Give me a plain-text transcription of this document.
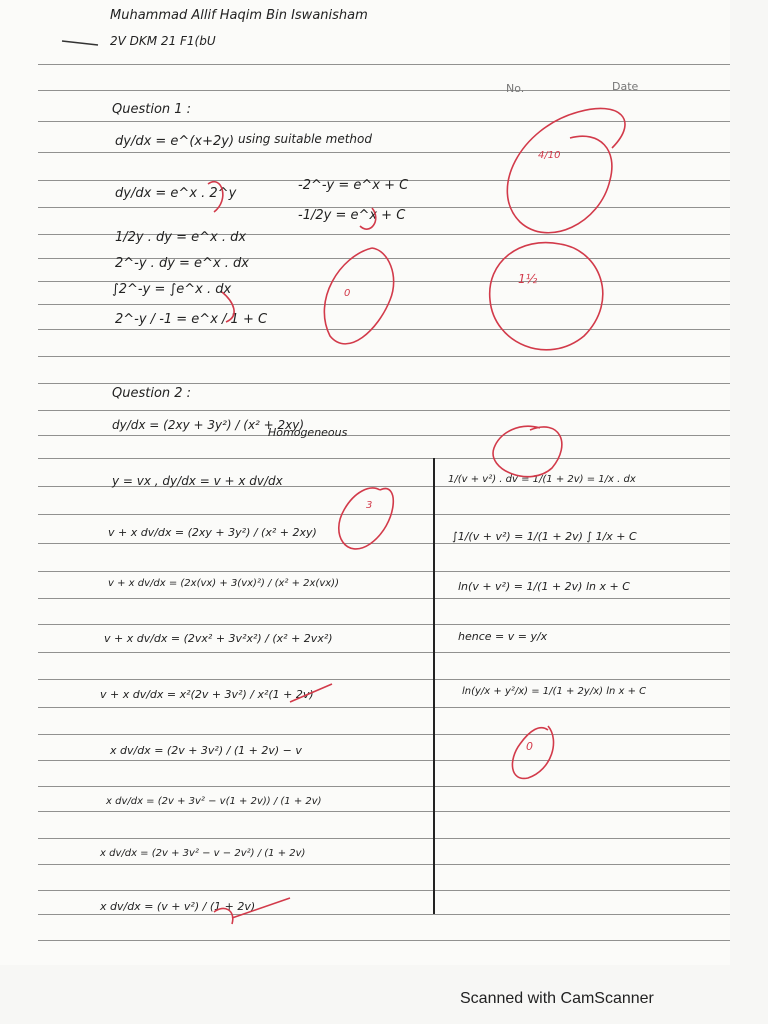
Muhammad Allif Haqim Bin Iswanisham
2V DKM 21 F1(bU
No.	Date
Question 1 :
dy/dx = e^(x+2y) using suitable method
dy/dx = e^x . 2^y
1/2y . dy = e^x . dx
2^-y . dy = e^x . dx
∫2^-y = ∫e^x . dx
2^-y / -1 = e^x / 1 + C
-2^-y = e^x + C
-1/2y = e^x + C
Question 2 :
dy/dx = (2xy + 3y²) / (x² + 2xy)
Homogeneous
y = vx , dy/dx = v + x dv/dx
v + x dv/dx = (2xy + 3y²) / (x² + 2xy)
v + x dv/dx = (2x(vx) + 3(vx)²) / (x² + 2x(vx))
v + x dv/dx = (2vx² + 3v²x²) / (x² + 2vx²)
v + x dv/dx = x²(2v + 3v²) / x²(1 + 2v)
x dv/dx = (2v + 3v²) / (1 + 2v) − v
x dv/dx = (2v + 3v² − v(1 + 2v)) / (1 + 2v)
x dv/dx = (2v + 3v² − v − 2v²) / (1 + 2v)
x dv/dx = (v + v²) / (1 + 2v)
1/(v + v²) . dv = 1/(1 + 2v) = 1/x . dx
∫1/(v + v²) = 1/(1 + 2v) ∫ 1/x + C
ln(v + v²) = 1/(1 + 2v) ln x + C
hence = v = y/x
ln(y/x + y²/x) = 1/(1 + 2y/x) ln x + C
4/10
1½
0
3
0
Scanned with CamScanner
